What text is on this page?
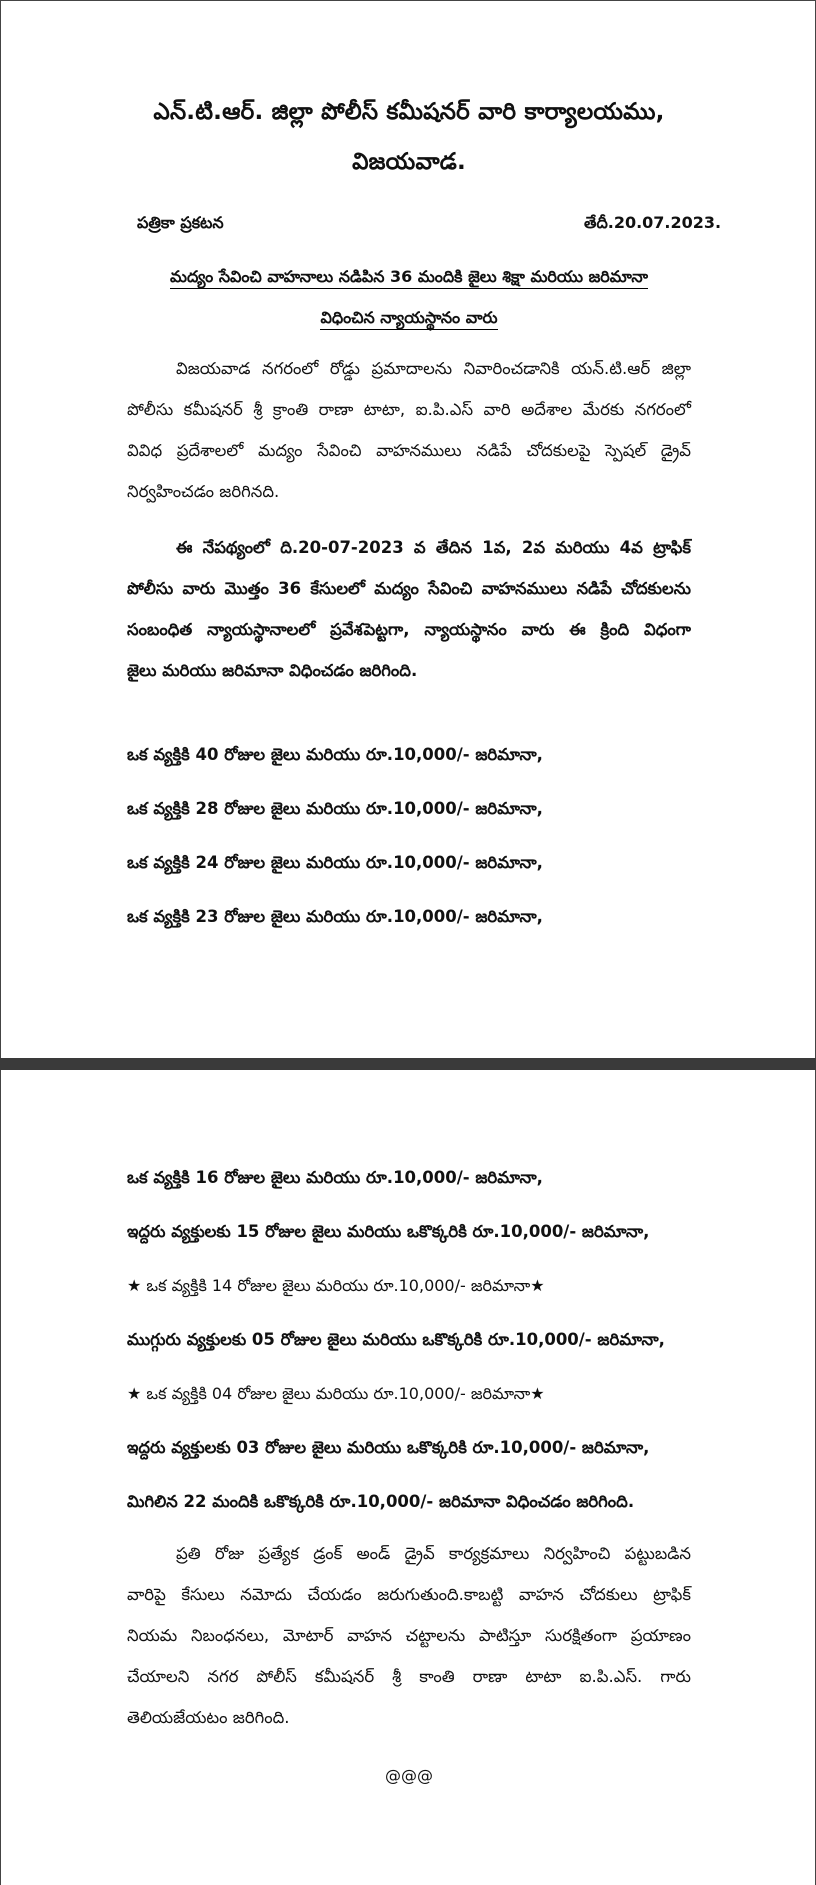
ఎన్.టి.ఆర్. జిల్లా పోలీస్ కమీషనర్ వారి కార్యాలయము,
విజయవాడ.
పత్రికా ప్రకటన	తేదీ.20.07.2023.
మద్యం సేవించి వాహనాలు నడిపిన 36 మందికి జైలు శిక్షా మరియు జరిమానా
విధించిన న్యాయస్థానం వారు
విజయవాడ నగరంలో రోడ్డు ప్రమాదాలను నివారించడానికి యన్.టి.ఆర్ జిల్లా
పోలీసు కమీషనర్ శ్రీ క్రాంతి రాణా టాటా, ఐ.పి.ఎస్ వారి అదేశాల మేరకు నగరంలో
వివిధ ప్రదేశాలలో మద్యం సేవించి వాహనములు నడిపే చోదకులపై స్పెషల్ డ్రైవ్
నిర్వహించడం జరిగినది.
ఈ నేపథ్యంలో ది.20-07-2023 వ తేదిన 1వ, 2వ మరియు 4వ ట్రాఫిక్
పోలీసు వారు మొత్తం 36 కేసులలో మద్యం సేవించి వాహనములు నడిపే చోదకులను
సంబంధిత న్యాయస్థానాలలో ప్రవేశపెట్టగా, న్యాయస్థానం వారు ఈ క్రింది విధంగా
జైలు మరియు జరిమానా విధించడం జరిగింది.
ఒక వ్యక్తికి 40 రోజుల జైలు మరియు రూ.10,000/- జరిమానా,
ఒక వ్యక్తికి 28 రోజుల జైలు మరియు రూ.10,000/- జరిమానా,
ఒక వ్యక్తికి 24 రోజుల జైలు మరియు రూ.10,000/- జరిమానా,
ఒక వ్యక్తికి 23 రోజుల జైలు మరియు రూ.10,000/- జరిమానా,
ఒక వ్యక్తికి 16 రోజుల జైలు మరియు రూ.10,000/- జరిమానా,
ఇద్దరు వ్యక్తులకు 15 రోజుల జైలు మరియు ఒకొక్కరికి రూ.10,000/- జరిమానా,
★ ఒక వ్యక్తికి 14 రోజుల జైలు మరియు రూ.10,000/- జరిమానా★
ముగ్గురు వ్యక్తులకు 05 రోజుల జైలు మరియు ఒకొక్కరికి రూ.10,000/- జరిమానా,
★ ఒక వ్యక్తికి 04 రోజుల జైలు మరియు రూ.10,000/- జరిమానా★
ఇద్దరు వ్యక్తులకు 03 రోజుల జైలు మరియు ఒకొక్కరికి రూ.10,000/- జరిమానా,
మిగిలిన 22 మందికి ఒకొక్కరికి రూ.10,000/- జరిమానా విధించడం జరిగింది.
ప్రతి రోజు ప్రత్యేక డ్రంక్ అండ్ డ్రైవ్ కార్యక్రమాలు నిర్వహించి పట్టుబడిన
వారిపై కేసులు నమోదు చేయడం జరుగుతుంది.కాబట్టి వాహన చోదకులు ట్రాఫిక్
నియమ నిబంధనలు, మోటార్ వాహన చట్టాలను పాటిస్తూ సురక్షితంగా ప్రయాణం
చేయాలని నగర పోలీస్ కమీషనర్ శ్రీ కాంతి రాణా టాటా ఐ.పి.ఎస్. గారు
తెలియజేయటం జరిగింది.
@@@
